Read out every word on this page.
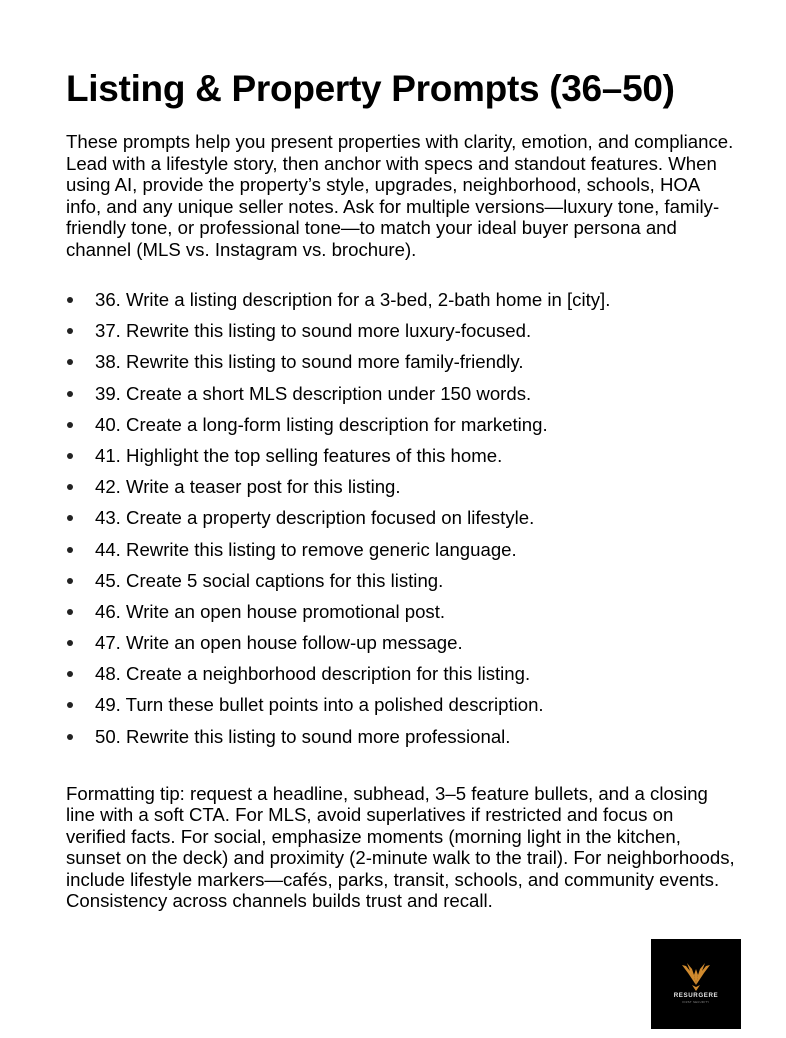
Listing & Property Prompts (36–50)

These prompts help you present properties with clarity, emotion, and compliance. Lead with a lifestyle story, then anchor with specs and standout features. When using AI, provide the property’s style, upgrades, neighborhood, schools, HOA info, and any unique seller notes. Ask for multiple versions—luxury tone, family-friendly tone, or professional tone—to match your ideal buyer persona and channel (MLS vs. Instagram vs. brochure).

36. Write a listing description for a 3-bed, 2-bath home in [city].
37. Rewrite this listing to sound more luxury-focused.
38. Rewrite this listing to sound more family-friendly.
39. Create a short MLS description under 150 words.
40. Create a long-form listing description for marketing.
41. Highlight the top selling features of this home.
42. Write a teaser post for this listing.
43. Create a property description focused on lifestyle.
44. Rewrite this listing to remove generic language.
45. Create 5 social captions for this listing.
46. Write an open house promotional post.
47. Write an open house follow-up message.
48. Create a neighborhood description for this listing.
49. Turn these bullet points into a polished description.
50. Rewrite this listing to sound more professional.

Formatting tip: request a headline, subhead, 3–5 feature bullets, and a closing line with a soft CTA. For MLS, avoid superlatives if restricted and focus on verified facts. For social, emphasize moments (morning light in the kitchen, sunset on the deck) and proximity (2-minute walk to the trail). For neighborhoods, include lifestyle markers—cafés, parks, transit, schools, and community events. Consistency across channels builds trust and recall.

RESURGERE
FIRST SECURITY
